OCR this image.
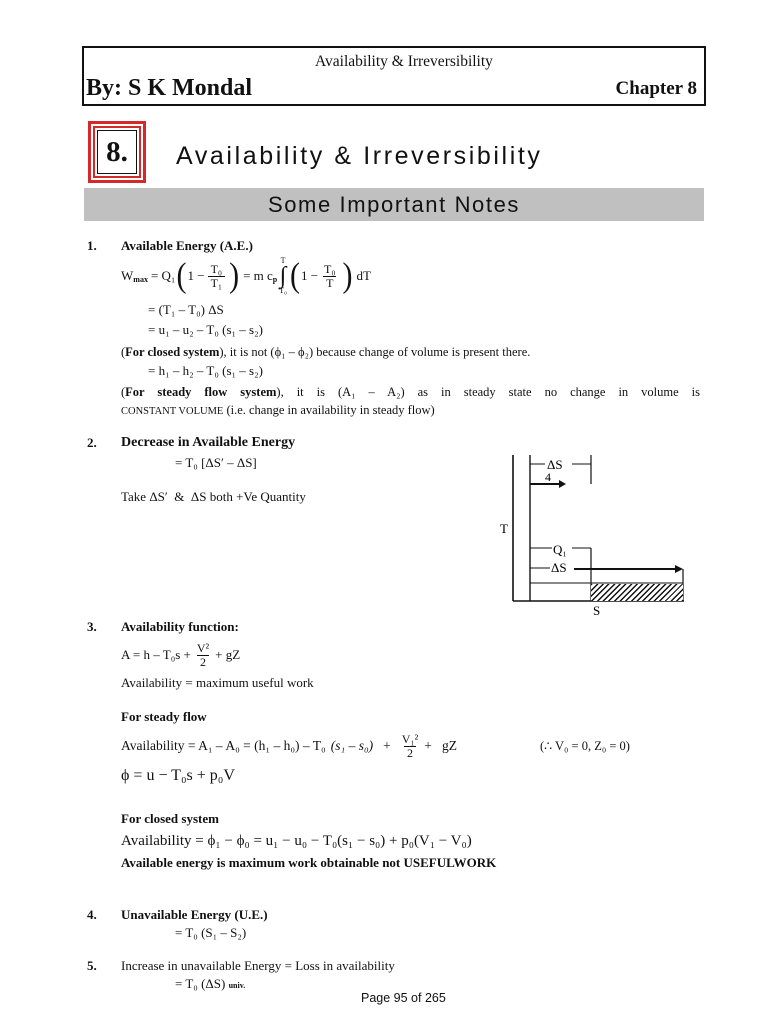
Availability & Irreversibility
By: S K Mondal	Chapter 8
8.	Availability & Irreversibility
Some Important Notes
1. Available Energy (A.E.)
W max = Q₁ ( $1 - \frac{\text{T₀}}{\text{T₁}}$ ) = m c p
T
∫
T₀ ( $1 - \frac{\text{T₀}}{T}$ ) dT
= (T₁ – T₀) ΔS
= u₁ – u₂ – T₀ (s₁ – s₂)
(For closed system), it is not (ϕ₁ – ϕ₂) because change of volume is present there.
= h₁ – h₂ – T₀ (s₁ – s₂)
(For steady flow system), it is (A₁ – A₂) as in steady state no change in volume is
CONSTANT VOLUME (i.e. change in availability in steady flow)
2. Decrease in Available Energy
= T₀ [ΔS′ – ΔS]
Take ΔS′  &  ΔS both +Ve Quantity
ΔS
4
T
Q₁
ΔS
S
3. Availability function:
$A = h - T_0s + \frac{\text{V²}}{2}$ + gZ
Availability = maximum useful work
For steady flow
Availability = A₁ – A₀ = (h₁ – h₀) – T₀ $(s_1 - s_0) + \frac{\text{V₁²}}{2}$ +   gZ	(∴ V₀ = 0, Z₀ = 0)
ϕ = u − T₀s + p₀V
For closed system
Availability = ϕ₁ − ϕ₀ = u₁ − u₀ − T₀(s₁ − s₀) + p₀(V₁ − V₀)
Available energy is maximum work obtainable not USEFULWORK
4. Unavailable Energy (U.E.)
= T₀ (S₁ – S₂)
5. Increase in unavailable Energy = Loss in availability
= T₀ (ΔS) univ.
Page 95 of 265
